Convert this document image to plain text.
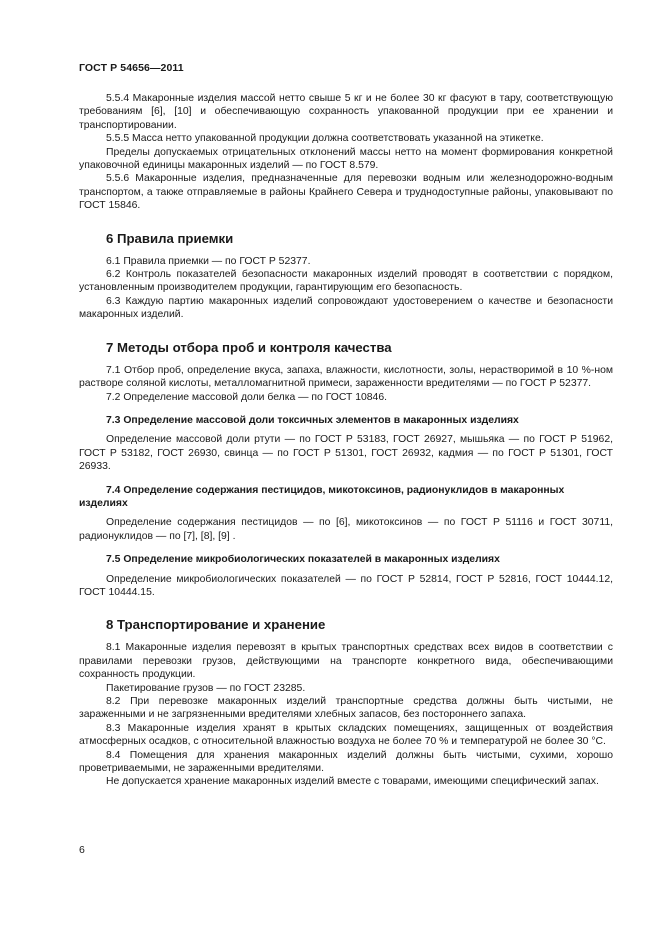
ГОСТ Р 54656—2011

5.5.4 Макаронные изделия массой нетто свыше 5 кг и не более 30 кг фасуют в тару, соответствующую требованиям [6], [10] и обеспечивающую сохранность упакованной продукции при ее хранении и транспортировании.

5.5.5 Масса нетто упакованной продукции должна соответствовать указанной на этикетке.

Пределы допускаемых отрицательных отклонений массы нетто на момент формирования конкретной упаковочной единицы макаронных изделий — по ГОСТ 8.579.

5.5.6 Макаронные изделия, предназначенные для перевозки водным или железнодорожно-водным транспортом, а также отправляемые в районы Крайнего Севера и труднодоступные районы, упаковывают по ГОСТ 15846.

6 Правила приемки

6.1 Правила приемки — по ГОСТ Р 52377.

6.2 Контроль показателей безопасности макаронных изделий проводят в соответствии с порядком, установленным производителем продукции, гарантирующим его безопасность.

6.3 Каждую партию макаронных изделий сопровождают удостоверением о качестве и безопасности макаронных изделий.

7 Методы отбора проб и контроля качества

7.1 Отбор проб, определение вкуса, запаха, влажности, кислотности, золы, нерастворимой в 10 %-ном растворе соляной кислоты, металломагнитной примеси, зараженности вредителями — по ГОСТ Р 52377.

7.2 Определение массовой доли белка — по ГОСТ 10846.

7.3 Определение массовой доли токсичных элементов в макаронных изделиях

Определение массовой доли ртути — по ГОСТ Р 53183, ГОСТ 26927, мышьяка — по ГОСТ Р 51962, ГОСТ Р 53182, ГОСТ 26930, свинца — по ГОСТ Р 51301, ГОСТ 26932, кадмия — по ГОСТ Р 51301, ГОСТ 26933.

7.4 Определение содержания пестицидов, микотоксинов, радионуклидов в макаронных изделиях

Определение содержания пестицидов — по [6], микотоксинов — по ГОСТ Р 51116 и ГОСТ 30711, радионуклидов — по [7], [8], [9] .

7.5 Определение микробиологических показателей в макаронных изделиях

Определение микробиологических показателей — по ГОСТ Р 52814, ГОСТ Р 52816, ГОСТ 10444.12, ГОСТ 10444.15.

8 Транспортирование и хранение

8.1 Макаронные изделия перевозят в крытых транспортных средствах всех видов в соответствии с правилами перевозки грузов, действующими на транспорте конкретного вида, обеспечивающими сохранность продукции.

Пакетирование грузов — по ГОСТ 23285.

8.2 При перевозке макаронных изделий транспортные средства должны быть чистыми, не зараженными и не загрязненными вредителями хлебных запасов, без постороннего запаха.

8.3 Макаронные изделия хранят в крытых складских помещениях, защищенных от воздействия атмосферных осадков, с относительной влажностью воздуха не более 70 % и температурой не более 30 °С.

8.4 Помещения для хранения макаронных изделий должны быть чистыми, сухими, хорошо проветриваемыми, не зараженными вредителями.

Не допускается хранение макаронных изделий вместе с товарами, имеющими специфический запах.

6
